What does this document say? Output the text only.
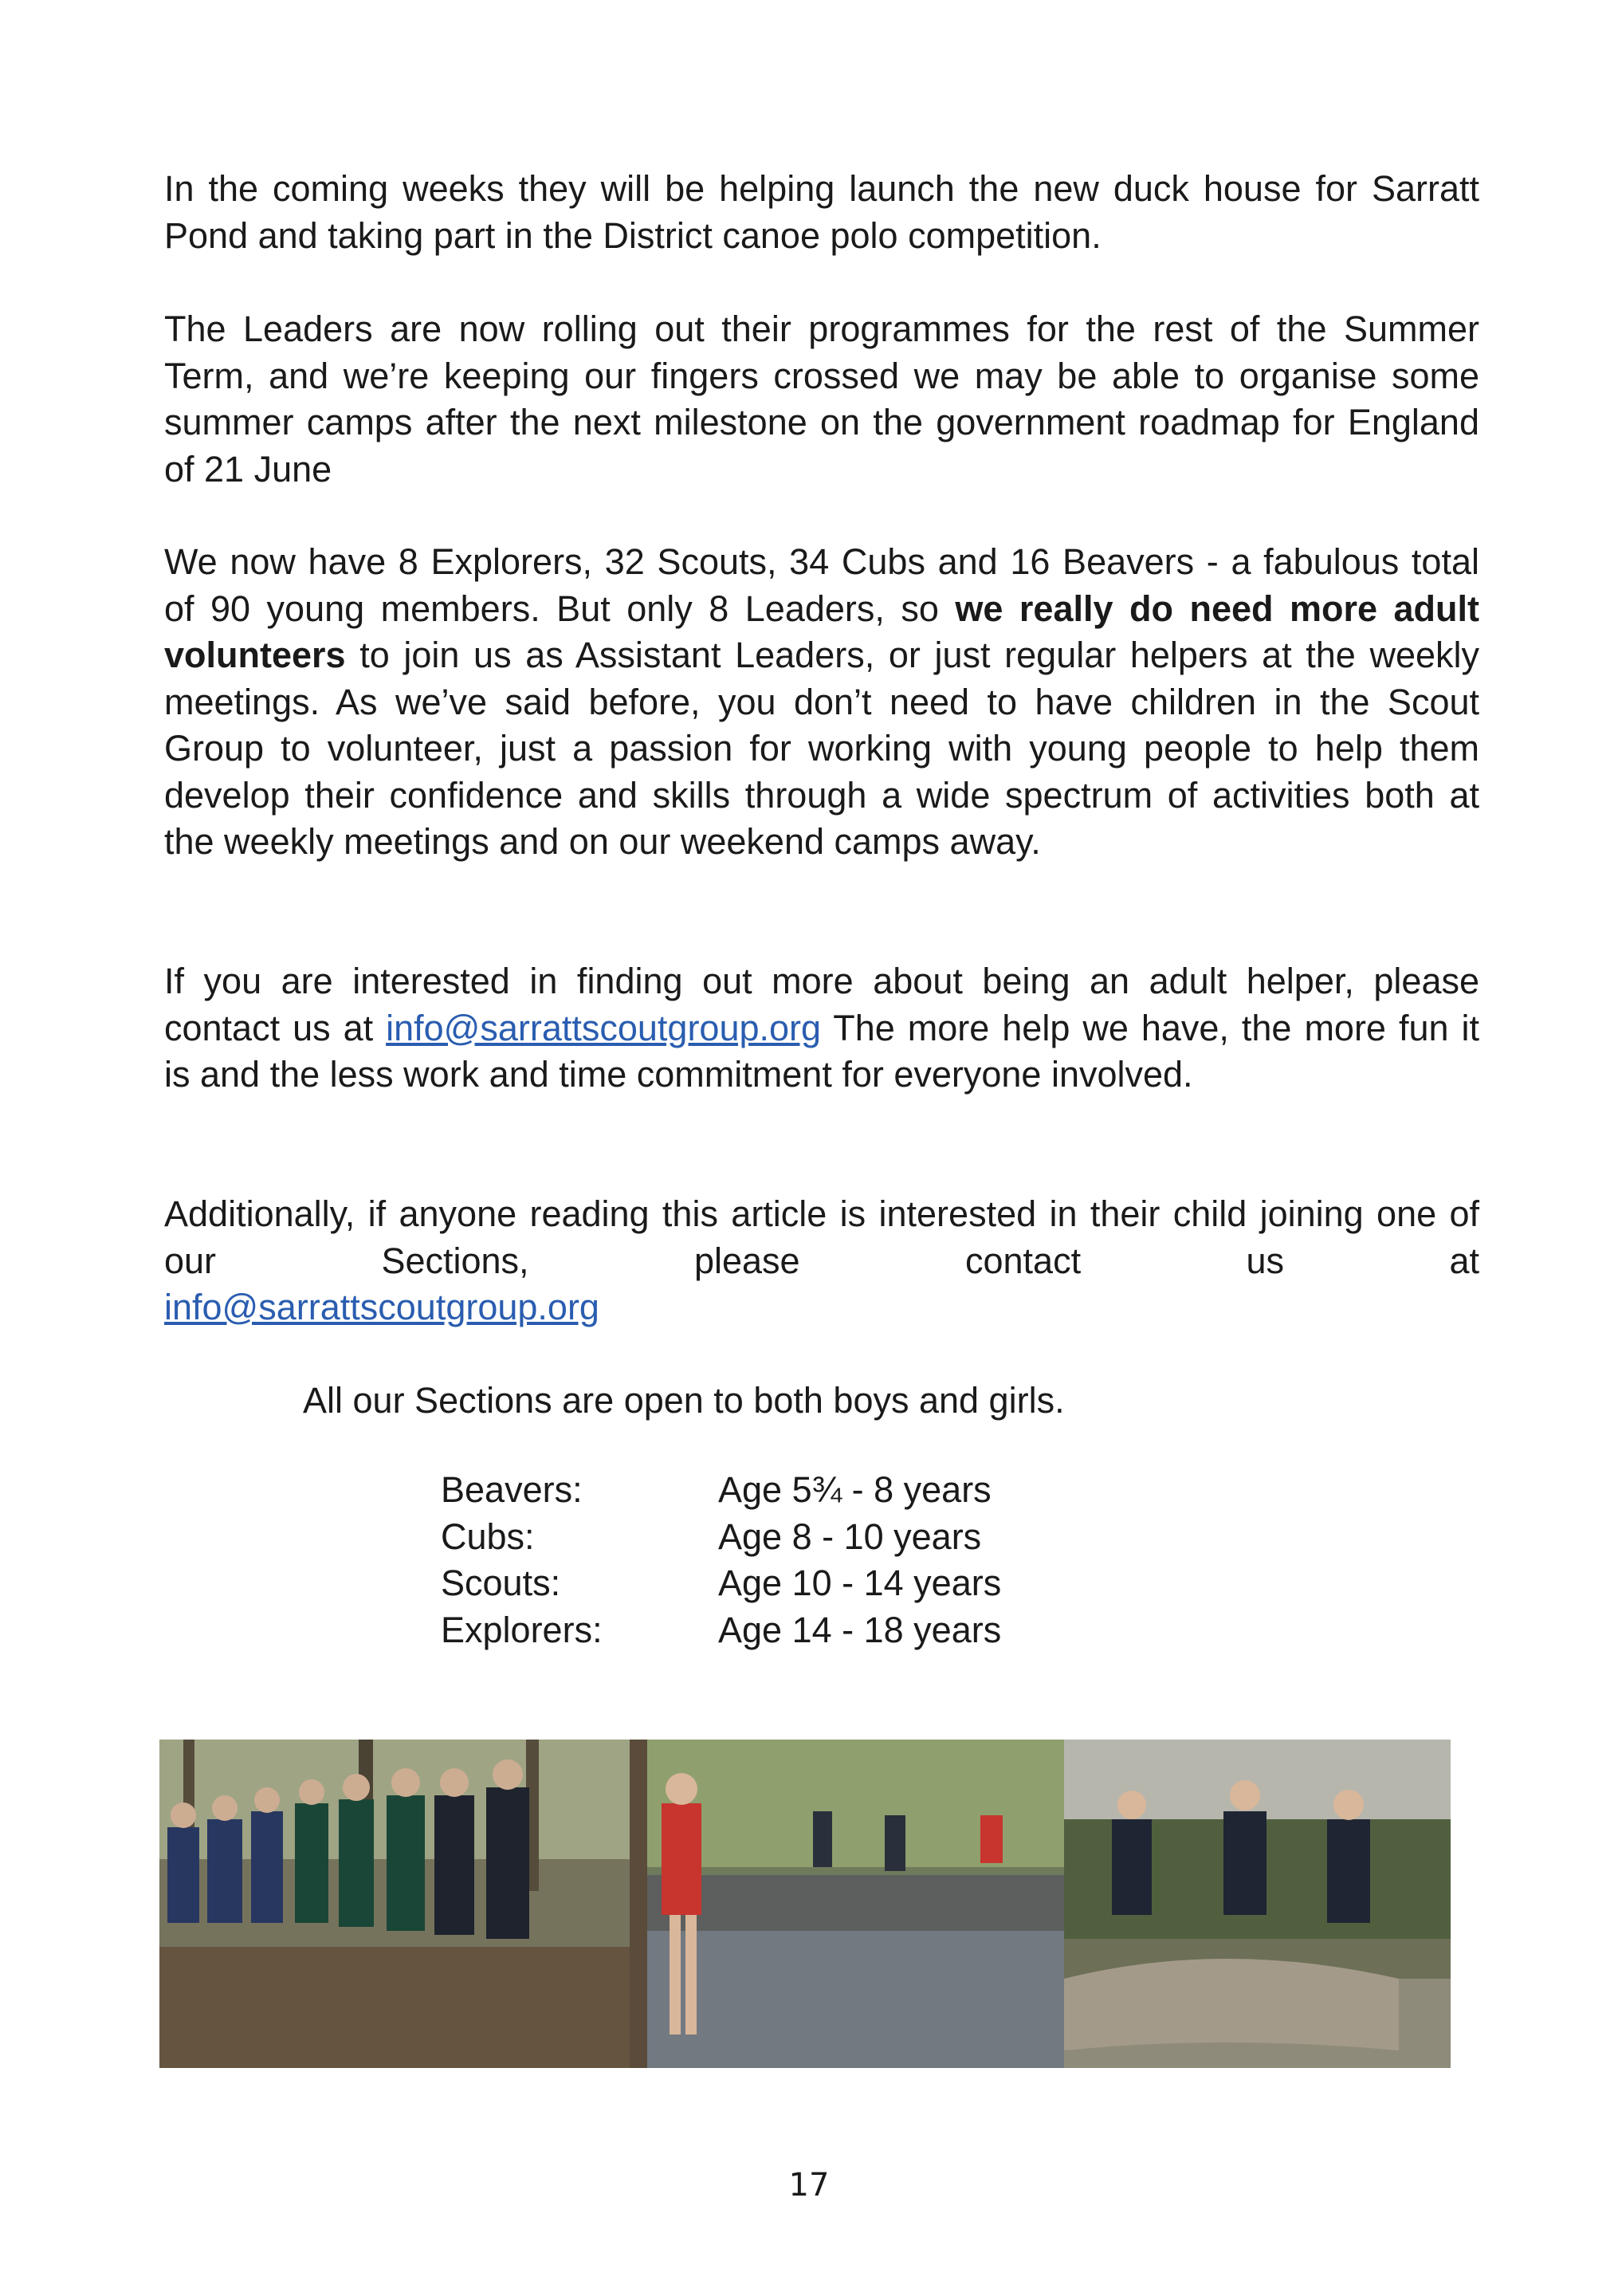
In the coming weeks they will be helping launch the new duck house for Sarratt Pond and taking part in the District canoe polo competition.

The Leaders are now rolling out their programmes for the rest of the Summer Term, and we’re keeping our fingers crossed we may be able to organise some summer camps after the next milestone on the government roadmap for England of 21 June

We now have 8 Explorers, 32 Scouts, 34 Cubs and 16 Beavers - a fabulous total of 90 young members. But only 8 Leaders, so we really do need more adult volunteers to join us as Assistant Leaders, or just regular helpers at the weekly meetings. As we’ve said before, you don’t need to have children in the Scout Group to volunteer, just a passion for working with young people to help them develop their confidence and skills through a wide spectrum of activities both at the weekly meetings and on our weekend camps away.

If you are interested in finding out more about being an adult helper, please contact us at info@sarrattscoutgroup.org The more help we have, the more fun it is and the less work and time commitment for everyone involved.

Additionally, if anyone reading this article is interested in their child joining one of our Sections, please contact us at

info@sarrattscoutgroup.org

All our Sections are open to both boys and girls.
Beavers:	Age 5¾ - 8 years
Cubs:	Age 8 - 10 years
Scouts:	Age 10 - 14 years
Explorers:	Age 14 - 18 years
17
